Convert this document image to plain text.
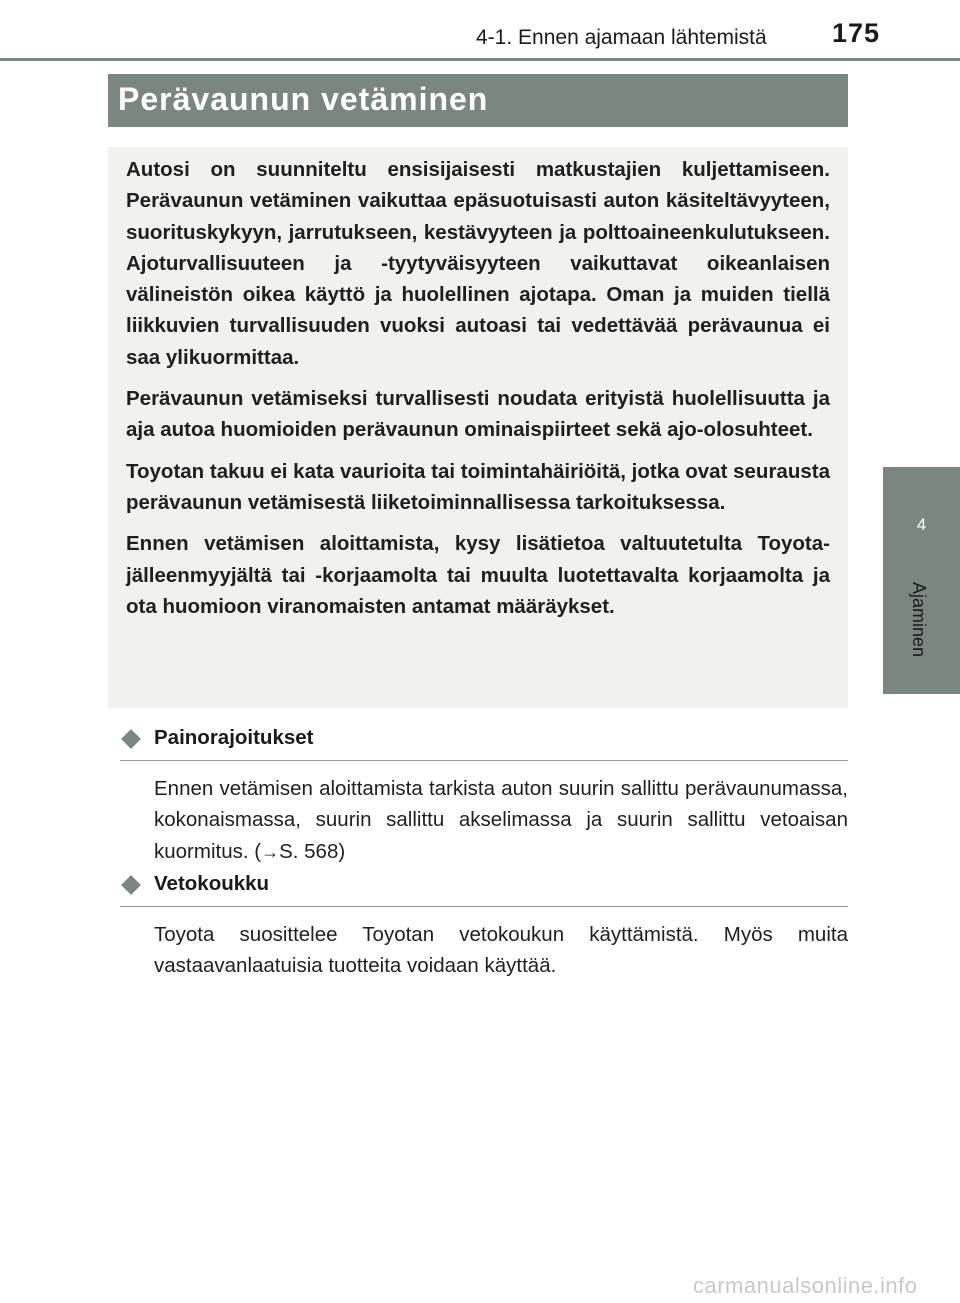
4-1. Ennen ajamaan lähtemistä 175
Perävaunun vetäminen

Autosi on suunniteltu ensisijaisesti matkustajien kuljettamiseen. Perävaunun vetäminen vaikuttaa epäsuotuisasti auton käsiteltävyyteen, suorituskykyyn, jarrutukseen, kestävyyteen ja polttoaineenkulutukseen. Ajoturvallisuuteen ja -tyytyväisyyteen vaikuttavat oikeanlaisen välineistön oikea käyttö ja huolellinen ajotapa. Oman ja muiden tiellä liikkuvien turvallisuuden vuoksi autoasi tai vedettävää perävaunua ei saa ylikuormittaa.

Perävaunun vetämiseksi turvallisesti noudata erityistä huolellisuutta ja aja autoa huomioiden perävaunun ominaispiirteet sekä ajo-olosuhteet.

Toyotan takuu ei kata vaurioita tai toimintahäiriöitä, jotka ovat seurausta perävaunun vetämisestä liiketoiminnallisessa tarkoituksessa.

Ennen vetämisen aloittamista, kysy lisätietoa valtuutetulta Toyota-jälleenmyyjältä tai -korjaamolta tai muulta luotettavalta korjaamolta ja ota huomioon viranomaisten antamat määräykset.

4
Ajaminen
Painorajoitukset
Ennen vetämisen aloittamista tarkista auton suurin sallittu perävaunumassa, kokonaismassa, suurin sallittu akselimassa ja suurin sallittu vetoaisan kuormitus. (→S. 568)
Vetokoukku
Toyota suosittelee Toyotan vetokoukun käyttämistä. Myös muita vastaavanlaatuisia tuotteita voidaan käyttää.
carmanualsonline.info
